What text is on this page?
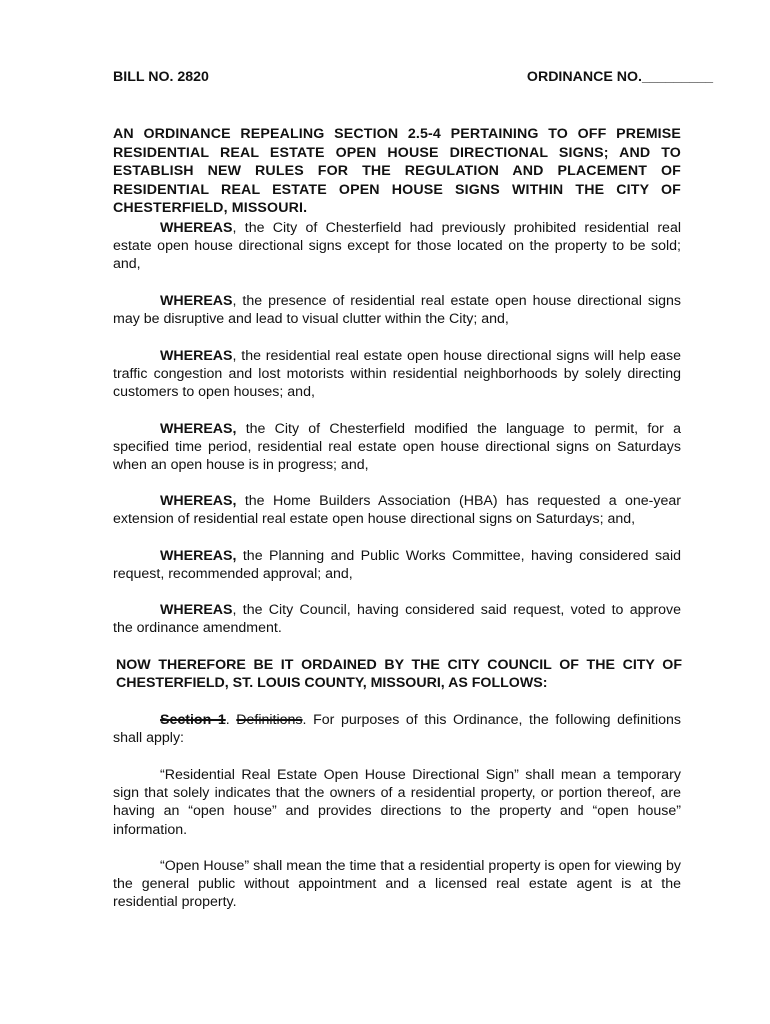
BILL NO. 2820	ORDINANCE NO._________
AN ORDINANCE REPEALING SECTION 2.5-4 PERTAINING TO OFF PREMISE RESIDENTIAL REAL ESTATE OPEN HOUSE DIRECTIONAL SIGNS; AND TO ESTABLISH NEW RULES FOR THE REGULATION AND PLACEMENT OF RESIDENTIAL REAL ESTATE OPEN HOUSE SIGNS WITHIN THE CITY OF CHESTERFIELD, MISSOURI.

WHEREAS, the City of Chesterfield had previously prohibited residential real estate open house directional signs except for those located on the property to be sold; and,

WHEREAS, the presence of residential real estate open house directional signs may be disruptive and lead to visual clutter within the City; and,

WHEREAS, the residential real estate open house directional signs will help ease traffic congestion and lost motorists within residential neighborhoods by solely directing customers to open houses; and,

WHEREAS, the City of Chesterfield modified the language to permit, for a specified time period, residential real estate open house directional signs on Saturdays when an open house is in progress; and,

WHEREAS, the Home Builders Association (HBA) has requested a one-year extension of residential real estate open house directional signs on Saturdays; and,

WHEREAS, the Planning and Public Works Committee, having considered said request, recommended approval; and,

WHEREAS, the City Council, having considered said request, voted to approve the ordinance amendment.

NOW THEREFORE BE IT ORDAINED BY THE CITY COUNCIL OF THE CITY OF CHESTERFIELD, ST. LOUIS COUNTY, MISSOURI, AS FOLLOWS:

Section 1. Definitions. For purposes of this Ordinance, the following definitions shall apply:

“Residential Real Estate Open House Directional Sign” shall mean a temporary sign that solely indicates that the owners of a residential property, or portion thereof, are having an “open house” and provides directions to the property and “open house” information.

“Open House” shall mean the time that a residential property is open for viewing by the general public without appointment and a licensed real estate agent is at the residential property.
